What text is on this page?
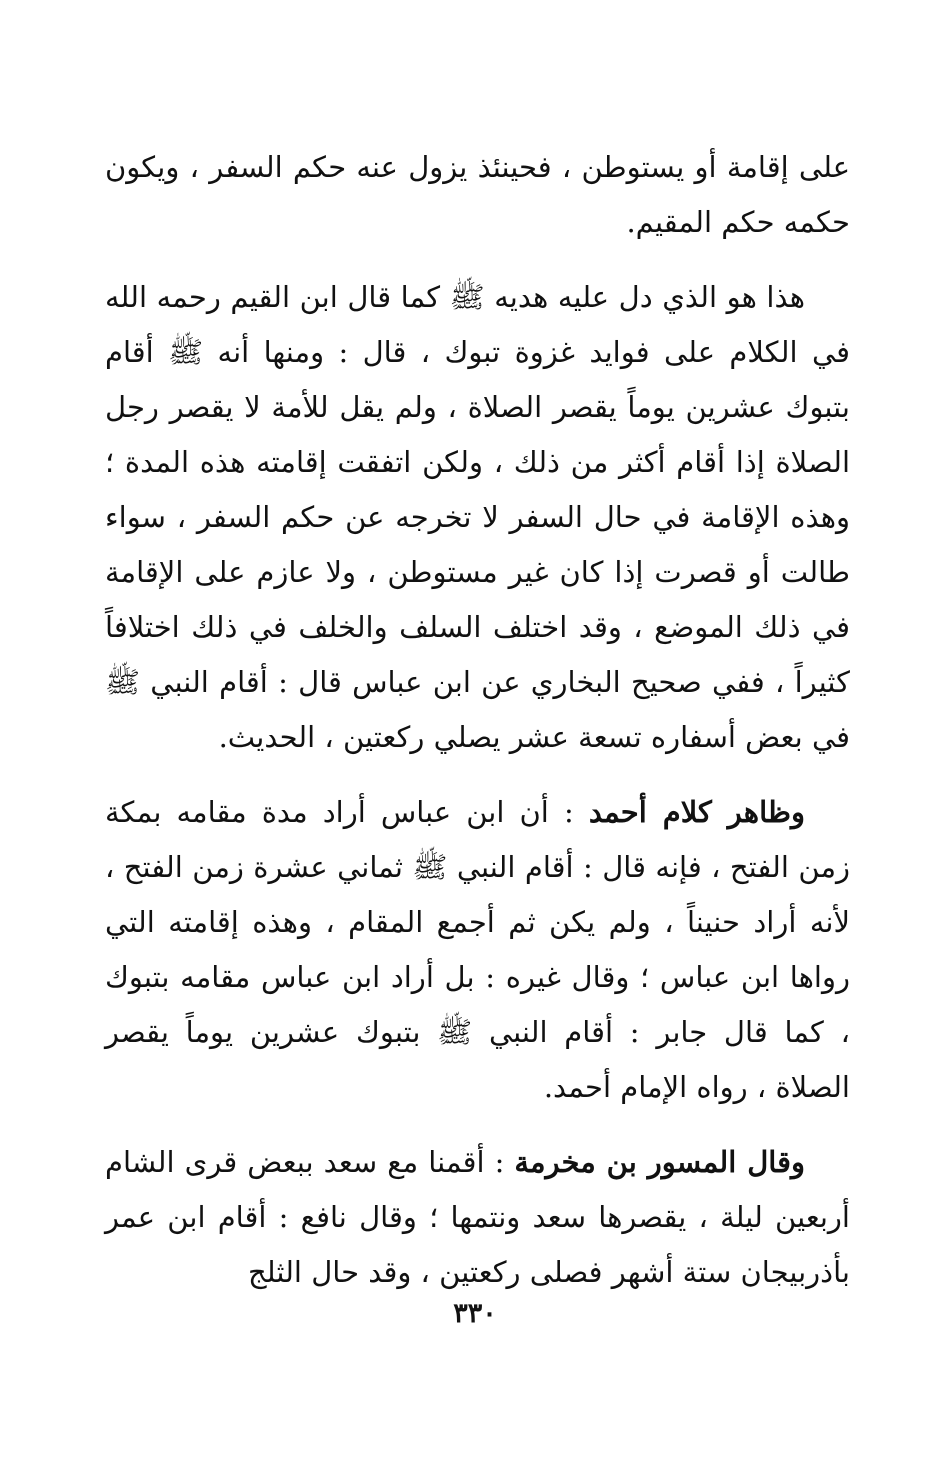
على إقامة أو يستوطن ، فحينئذ يزول عنه حكم السفر ، ويكون حكمه حكم المقيم.

هذا هو الذي دل عليه هديه ﷺ كما قال ابن القيم رحمه الله في الكلام على فوايد غزوة تبوك ، قال : ومنها أنه ﷺ أقام بتبوك عشرين يوماً يقصر الصلاة ، ولم يقل للأمة لا يقصر رجل الصلاة إذا أقام أكثر من ذلك ، ولكن اتفقت إقامته هذه المدة ؛ وهذه الإقامة في حال السفر لا تخرجه عن حكم السفر ، سواء طالت أو قصرت إذا كان غير مستوطن ، ولا عازم على الإقامة في ذلك الموضع ، وقد اختلف السلف والخلف في ذلك اختلافاً كثيراً ، ففي صحيح البخاري عن ابن عباس قال : أقام النبي ﷺ في بعض أسفاره تسعة عشر يصلي ركعتين ، الحديث.

وظاهر كلام أحمد : أن ابن عباس أراد مدة مقامه بمكة زمن الفتح ، فإنه قال : أقام النبي ﷺ ثماني عشرة زمن الفتح ، لأنه أراد حنيناً ، ولم يكن ثم أجمع المقام ، وهذه إقامته التي رواها ابن عباس ؛ وقال غيره : بل أراد ابن عباس مقامه بتبوك ، كما قال جابر : أقام النبي ﷺ بتبوك عشرين يوماً يقصر الصلاة ، رواه الإمام أحمد.

وقال المسور بن مخرمة : أقمنا مع سعد ببعض قرى الشام أربعين ليلة ، يقصرها سعد ونتمها ؛ وقال نافع : أقام ابن عمر بأذربيجان ستة أشهر فصلى ركعتين ، وقد حال الثلج

٣٣٠
